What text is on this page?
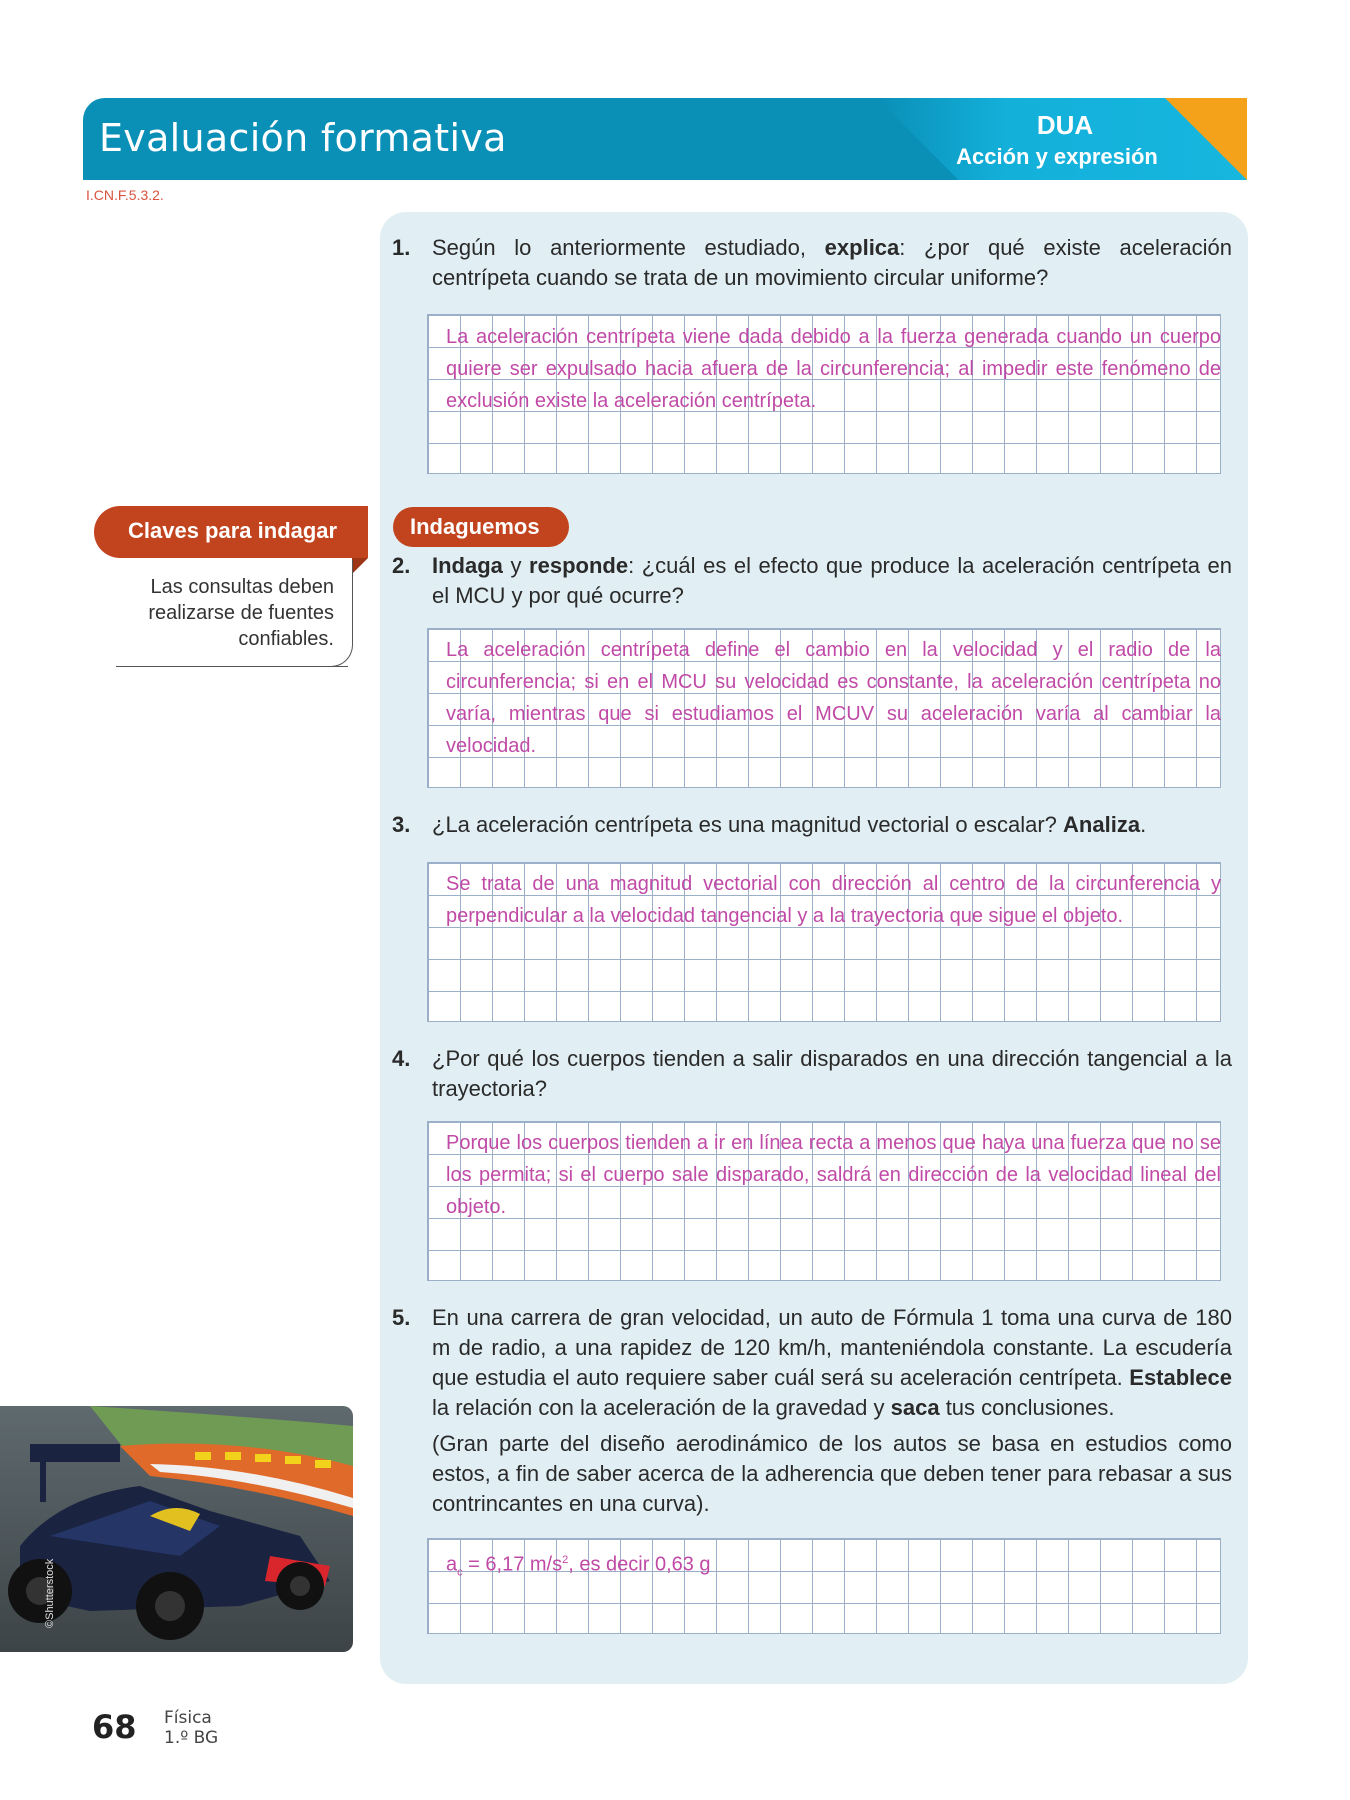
Evaluación formativa	DUA
Acción y expresión
I.CN.F.5.3.2.
Claves para indagar
Las consultas deben realizarse de fuentes confiables.
1. Según lo anteriormente estudiado, explica: ¿por qué existe aceleración centrípeta cuando se trata de un movimiento circular uniforme?
La aceleración centrípeta viene dada debido a la fuerza generada cuando un cuerpo quiere ser expulsado hacia afuera de la circunferencia; al impedir este fenómeno de exclusión existe la aceleración centrípeta.
Indaguemos
2. Indaga y responde: ¿cuál es el efecto que produce la aceleración centrípeta en el MCU y por qué ocurre?
La aceleración centrípeta define el cambio en la velocidad y el radio de la circunferencia; si en el MCU su velocidad es constante, la aceleración centrípeta no varía, mientras que si estudiamos el MCUV su aceleración varía al cambiar la velocidad.
3. ¿La aceleración centrípeta es una magnitud vectorial o escalar? Analiza.
Se trata de una magnitud vectorial con dirección al centro de la circunferencia y perpendicular a la velocidad tangencial y a la trayectoria que sigue el objeto.
4. ¿Por qué los cuerpos tienden a salir disparados en una dirección tangencial a la trayectoria?
Porque los cuerpos tienden a ir en línea recta a menos que haya una fuerza que no se los permita; si el cuerpo sale disparado, saldrá en dirección de la velocidad lineal del objeto.
5. En una carrera de gran velocidad, un auto de Fórmula 1 toma una curva de 180 m de radio, a una rapidez de 120 km/h, manteniéndola constante. La escudería que estudia el auto requiere saber cuál será su aceleración centrípeta. Establece la relación con la aceleración de la gravedad y saca tus conclusiones.
(Gran parte del diseño aerodinámico de los autos se basa en estudios como estos, a fin de saber acerca de la adherencia que deben tener para rebasar a sus contrincantes en una curva).
$a_c = 6,17$ $m/s^2$, es decir 0,63 g
©Shutterstock
68 Física
1.º BG
